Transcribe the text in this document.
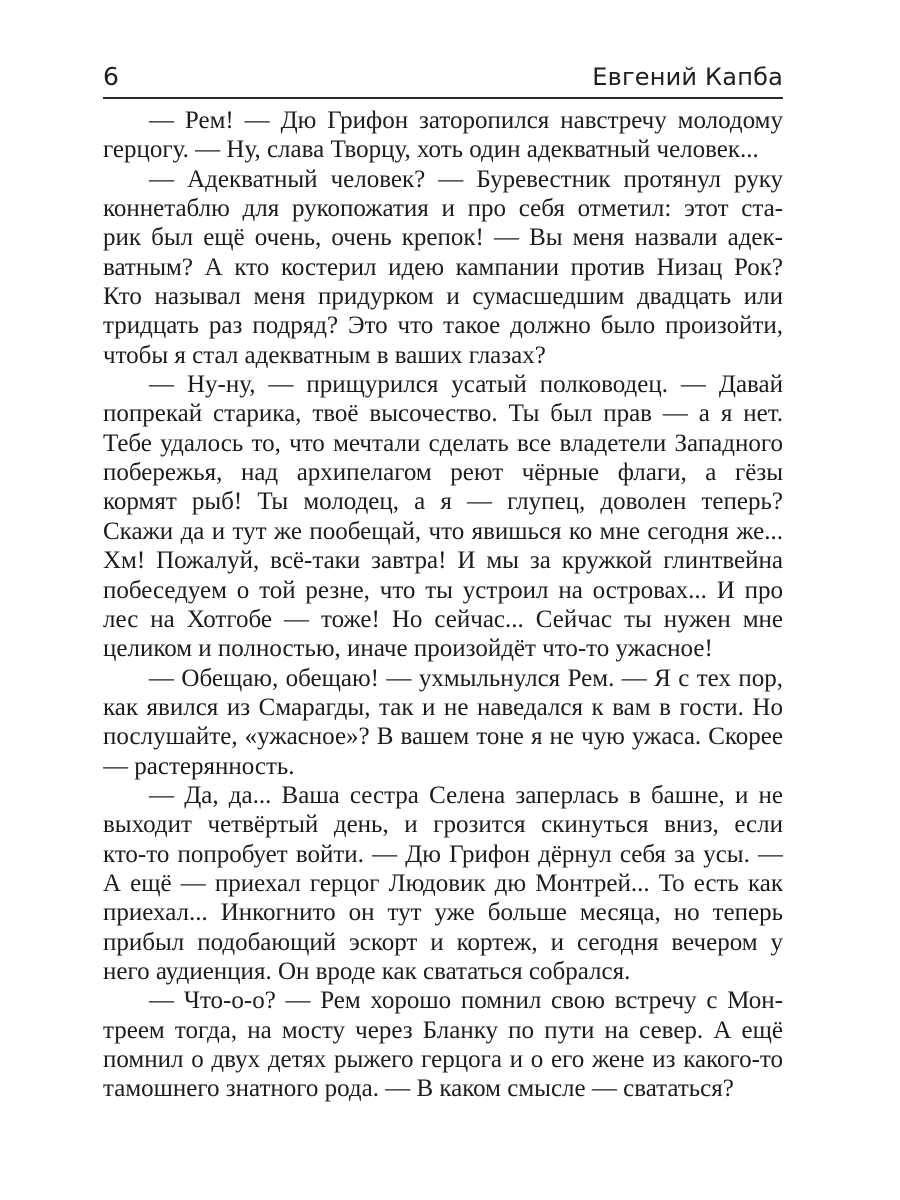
6	Евгений Капба
— Рем! — Дю Грифон заторопился навстречу молодому
герцогу. — Ну, слава Творцу, хоть один адекватный человек...
— Адекватный человек? — Буревестник протянул руку
коннетаблю для рукопожатия и про себя отметил: этот ста-
рик был ещё очень, очень крепок! — Вы меня назвали адек-
ватным? А кто костерил идею кампании против Низац Рок?
Кто называл меня придурком и сумасшедшим двадцать или
тридцать раз подряд? Это что такое должно было произойти,
чтобы я стал адекватным в ваших глазах?
— Ну-ну, — прищурился усатый полководец. — Давай
попрекай старика, твоё высочество. Ты был прав — а я нет.
Тебе удалось то, что мечтали сделать все владетели Западного
побережья, над архипелагом реют чёрные флаги, а гёзы
кормят рыб! Ты молодец, а я — глупец, доволен теперь?
Скажи да и тут же пообещай, что явишься ко мне сегодня же...
Хм! Пожалуй, всё-таки завтра! И мы за кружкой глинтвейна
побеседуем о той резне, что ты устроил на островах... И про
лес на Хотгобе — тоже! Но сейчас... Сейчас ты нужен мне
целиком и полностью, иначе произойдёт что-то ужасное!
— Обещаю, обещаю! — ухмыльнулся Рем. — Я с тех пор,
как явился из Смарагды, так и не наведался к вам в гости. Но
послушайте, «ужасное»? В вашем тоне я не чую ужаса. Скорее
— растерянность.
— Да, да... Ваша сестра Селена заперлась в башне, и не
выходит четвёртый день, и грозится скинуться вниз, если
кто-то попробует войти. — Дю Грифон дёрнул себя за усы. —
А ещё — приехал герцог Людовик дю Монтрей... То есть как
приехал... Инкогнито он тут уже больше месяца, но теперь
прибыл подобающий эскорт и кортеж, и сегодня вечером у
него аудиенция. Он вроде как свататься собрался.
— Что-о-о? — Рем хорошо помнил свою встречу с Мон-
треем тогда, на мосту через Бланку по пути на север. А ещё
помнил о двух детях рыжего герцога и о его жене из какого-то
тамошнего знатного рода. — В каком смысле — свататься?
